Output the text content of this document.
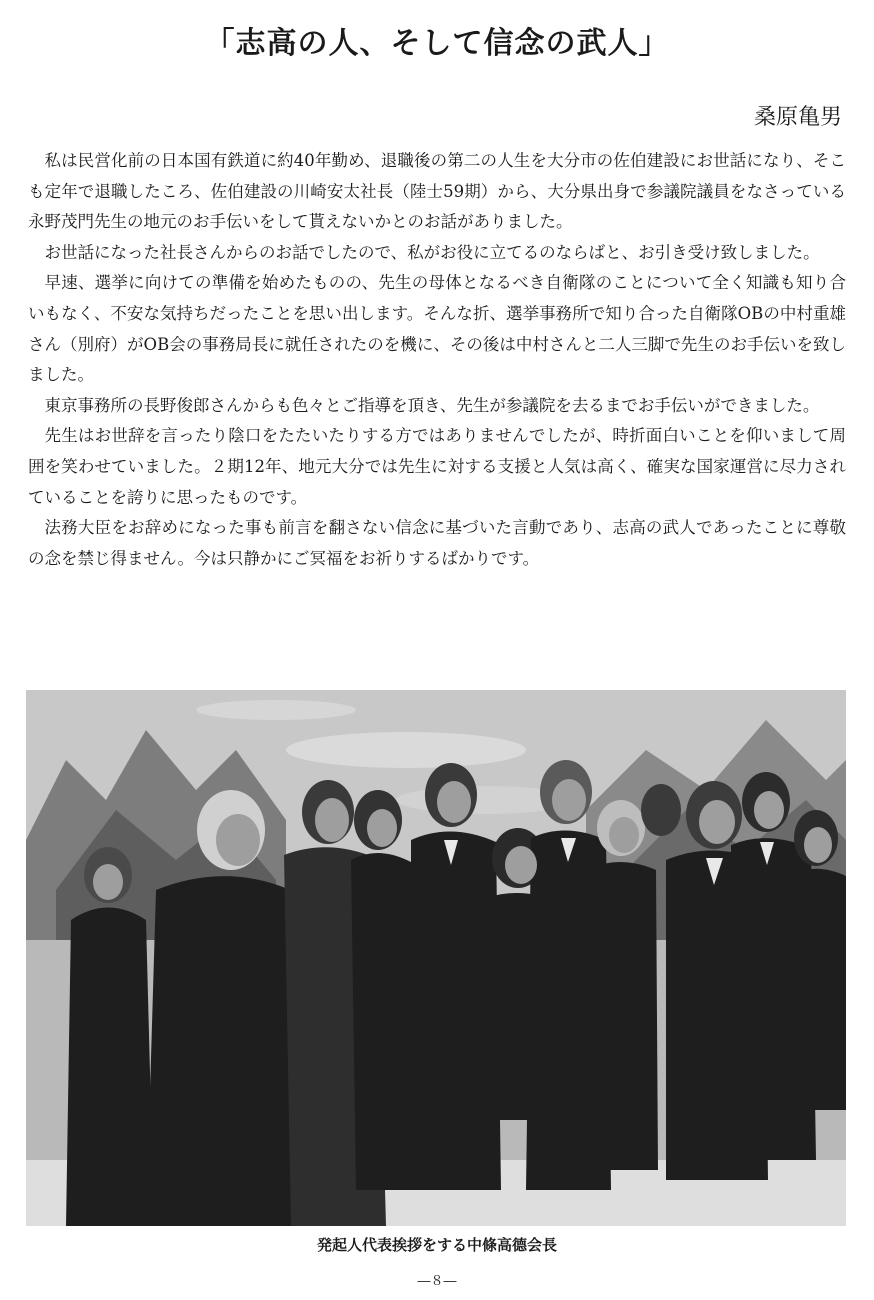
「志高の人、そして信念の武人」

桑原亀男

私は民営化前の日本国有鉄道に約40年勤め、退職後の第二の人生を大分市の佐伯建設にお世話になり、そこも定年で退職したころ、佐伯建設の川崎安太社長（陸士59期）から、大分県出身で参議院議員をなさっている永野茂門先生の地元のお手伝いをして貰えないかとのお話がありました。

お世話になった社長さんからのお話でしたので、私がお役に立てるのならばと、お引き受け致しました。

早速、選挙に向けての準備を始めたものの、先生の母体となるべき自衛隊のことについて全く知識も知り合いもなく、不安な気持ちだったことを思い出します。そんな折、選挙事務所で知り合った自衛隊OBの中村重雄さん（別府）がOB会の事務局長に就任されたのを機に、その後は中村さんと二人三脚で先生のお手伝いを致しました。

東京事務所の長野俊郎さんからも色々とご指導を頂き、先生が参議院を去るまでお手伝いができました。

先生はお世辞を言ったり陰口をたたいたりする方ではありませんでしたが、時折面白いことを仰いまして周囲を笑わせていました。２期12年、地元大分では先生に対する支援と人気は高く、確実な国家運営に尽力されていることを誇りに思ったものです。

法務大臣をお辞めになった事も前言を翻さない信念に基づいた言動であり、志高の武人であったことに尊敬の念を禁じ得ません。今は只静かにご冥福をお祈りするばかりです。

発起人代表挨拶をする中條高德会長

―８―
